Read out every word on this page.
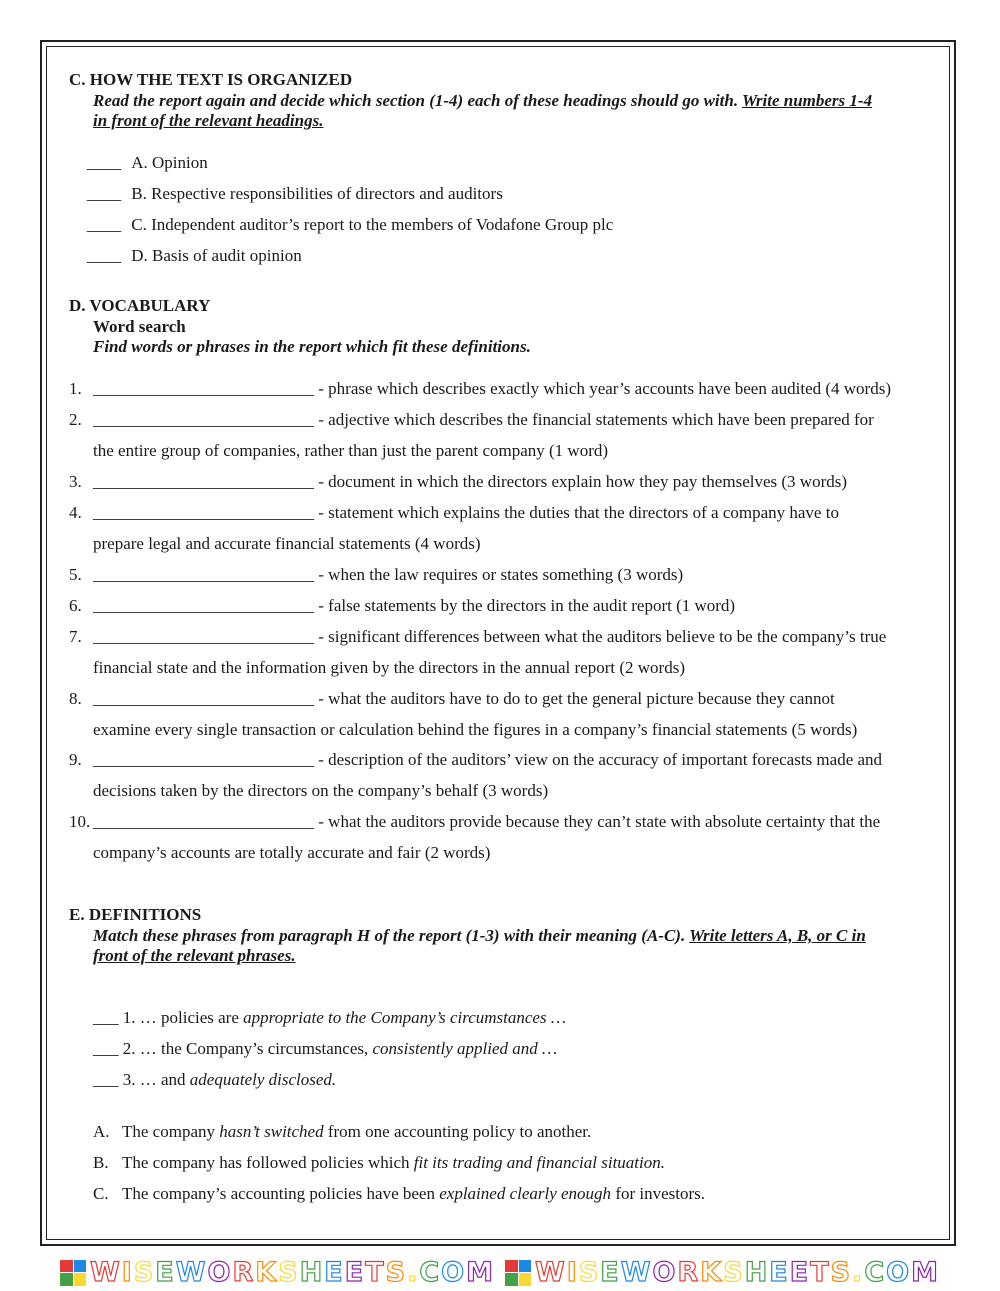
C. HOW THE TEXT IS ORGANIZED
Read the report again and decide which section (1-4) each of these headings should go with. Write numbers 1-4
in front of the relevant headings.
____ A. Opinion
____ B. Respective responsibilities of directors and auditors
____ C. Independent auditor’s report to the members of Vodafone Group plc
____ D. Basis of audit opinion
D. VOCABULARY
Word search
Find words or phrases in the report which fit these definitions.
1. __________________________ - phrase which describes exactly which year’s accounts have been audited (4 words)
2. __________________________ - adjective which describes the financial statements which have been prepared for
the entire group of companies, rather than just the parent company (1 word)
3. __________________________ - document in which the directors explain how they pay themselves (3 words)
4. __________________________ - statement which explains the duties that the directors of a company have to
prepare legal and accurate financial statements (4 words)
5. __________________________ - when the law requires or states something (3 words)
6. __________________________ - false statements by the directors in the audit report (1 word)
7. __________________________ - significant differences between what the auditors believe to be the company’s true
financial state and the information given by the directors in the annual report (2 words)
8. __________________________ - what the auditors have to do to get the general picture because they cannot
examine every single transaction or calculation behind the figures in a company’s financial statements (5 words)
9. __________________________ - description of the auditors’ view on the accuracy of important forecasts made and
decisions taken by the directors on the company’s behalf (3 words)
10. __________________________ - what the auditors provide because they can’t state with absolute certainty that the
company’s accounts are totally accurate and fair (2 words)
E. DEFINITIONS
Match these phrases from paragraph H of the report (1-3) with their meaning (A-C). Write letters A, B, or C in
front of the relevant phrases.
___ 1. … policies are appropriate to the Company’s circumstances …
___ 2. … the Company’s circumstances, consistently applied and …
___ 3. … and adequately disclosed.
A. The company hasn’t switched from one accounting policy to another.
B. The company has followed policies which fit its trading and financial situation.
C. The company’s accounting policies have been explained clearly enough for investors.
WISEWORKSHEETS.COM WISEWORKSHEETS.COM
